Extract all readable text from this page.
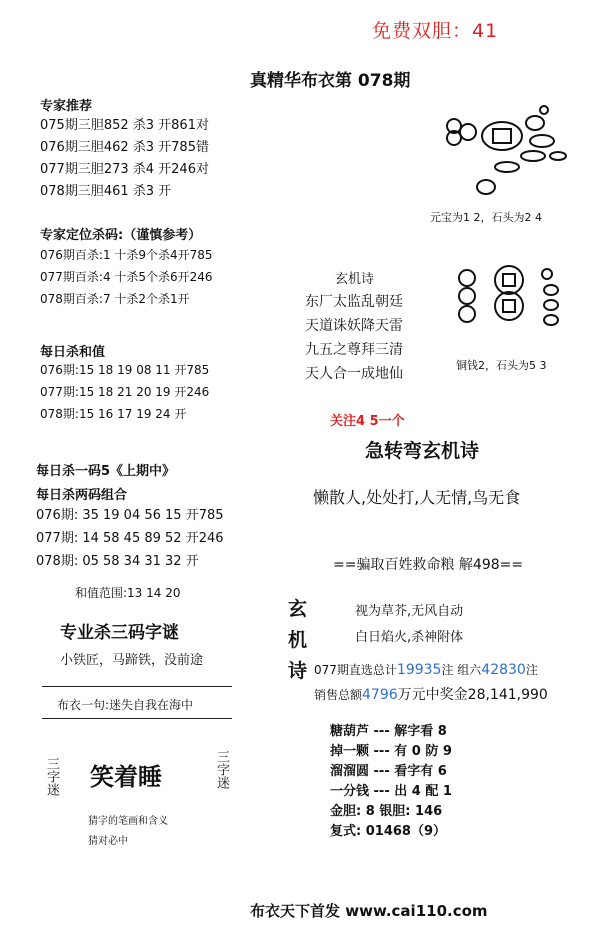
免费双胆：41
真精华布衣第 078期
专家推荐
075期三胆852 杀3 开861对
076期三胆462 杀3 开785错
077期三胆273 杀4 开246对
078期三胆461 杀3 开
专家定位杀码:（谨慎参考）
076期百杀:1 十杀9个杀4开785
077期百杀:4 十杀5个杀6开246
078期百杀:7 十杀2个杀1开
每日杀和值
076期:15 18 19 08 11 开785
077期:15 18 21 20 19 开246
078期:15 16 17 19 24 开
每日杀一码5《上期中》
每日杀两码组合
076期: 35 19 04 56 15 开785
077期: 14 58 45 89 52 开246
078期: 05 58 34 31 32 开
和值范围:13 14 20
专业杀三码字谜
小铁匠，马蹄铁，没前途
布衣一句:迷失自我在海中
三字迷 笑着睡	三字迷
猜字的笔画和含义
猜对必中
元宝为1 2，石头为2 4
玄机诗
东厂太监乱朝廷
天道诛妖降天雷
九五之尊拜三清
天人合一成地仙
铜钱2，石头为5 3
关注4 5一个
急转弯玄机诗
懒散人,处处打,人无情,鸟无食
==骗取百姓救命粮 解498==
玄
机
诗
视为草芥,无风自动
白日焰火,杀神附体
077期直选总计19935注 组六42830注
销售总额4796万元中奖金28,141,990
糖葫芦 --- 解字看 8
掉一颗 --- 有 0 防 9
溜溜圆 --- 看字有 6
一分钱 --- 出 4 配 1
金胆: 8 银胆: 146
复式: 01468（9）
布衣天下首发 www.cai110.com
